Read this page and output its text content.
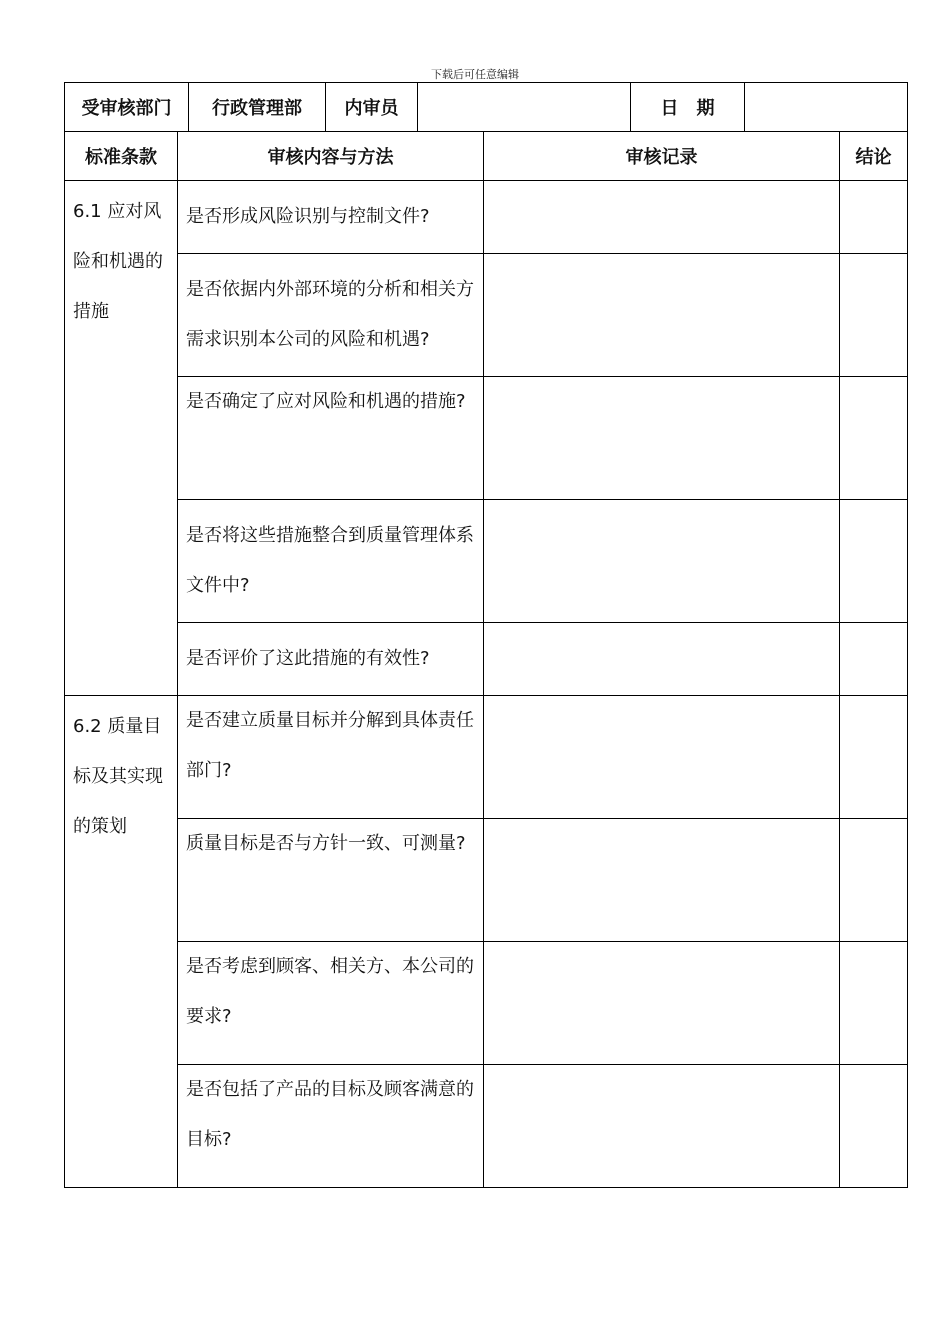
下载后可任意编辑
受审核部门	行政管理部	内审员		日　期	
标准条款	审核内容与方法	审核记录	结论
6.1 应对风险和机遇的措施	是否形成风险识别与控制文件?		
	是否依据内外部环境的分析和相关方需求识别本公司的风险和机遇?		
	是否确定了应对风险和机遇的措施?		
	是否将这些措施整合到质量管理体系文件中?		
	是否评价了这此措施的有效性?		
6.2 质量目标及其实现的策划	是否建立质量目标并分解到具体责任部门?		
	质量目标是否与方针一致、可测量?		
	是否考虑到顾客、相关方、本公司的要求?		
	是否包括了产品的目标及顾客满意的目标?		
